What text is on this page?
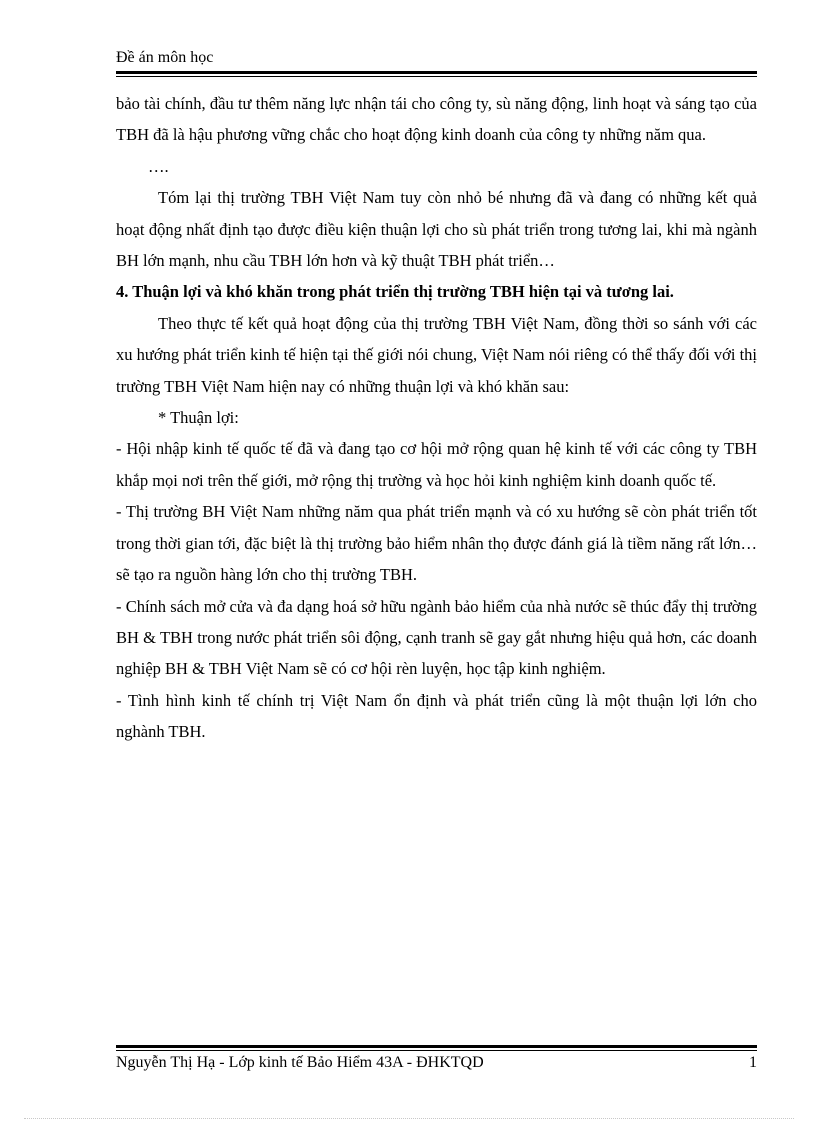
Đề án môn học

bảo tài chính, đầu tư thêm năng lực nhận tái cho công ty, sù năng động, linh hoạt và sáng tạo của TBH đã là hậu phương vững chắc cho hoạt động kinh doanh của công ty những năm qua.

….

Tóm lại thị trường TBH Việt Nam tuy còn nhỏ bé nhưng đã và đang có những kết quả hoạt động nhất định tạo được điều kiện thuận lợi cho sù phát triển trong tương lai, khi mà ngành BH lớn mạnh, nhu cầu TBH lớn hơn và kỹ thuật TBH phát triển…

4. Thuận lợi và khó khăn trong phát triển thị trường TBH hiện tại và tương lai.

Theo thực tế kết quả hoạt động của thị trường TBH Việt Nam, đồng thời so sánh với các xu hướng phát triển kinh tế hiện tại thế giới nói chung, Việt Nam nói riêng có thể thấy đối với thị trường TBH Việt Nam hiện nay có những thuận lợi và khó khăn sau:

* Thuận lợi:

- Hội nhập kinh tế quốc tế đã và đang tạo cơ hội mở rộng quan hệ kinh tế với các công ty TBH khắp mọi nơi trên thế giới, mở rộng thị trường và học hỏi kinh nghiệm kinh doanh quốc tế.

- Thị trường BH Việt Nam những năm qua phát triển mạnh và có xu hướng sẽ còn phát triển tốt trong thời gian tới, đặc biệt là thị trường bảo hiểm nhân thọ được đánh giá là tiềm năng rất lớn…sẽ tạo ra nguồn hàng lớn cho thị trường TBH.

- Chính sách mở cửa và đa dạng hoá sở hữu ngành bảo hiểm của nhà nước sẽ thúc đẩy thị trường BH & TBH trong nước phát triển sôi động, cạnh tranh sẽ gay gắt nhưng hiệu quả hơn, các doanh nghiệp BH & TBH Việt Nam sẽ có cơ hội rèn luyện, học tập kinh nghiệm.

- Tình hình kinh tế chính trị Việt Nam ổn định và phát triển cũng là một thuận lợi lớn cho nghành TBH.

Nguyễn Thị Hạ - Lớp kinh tế Bảo Hiểm 43A - ĐHKTQD	1
